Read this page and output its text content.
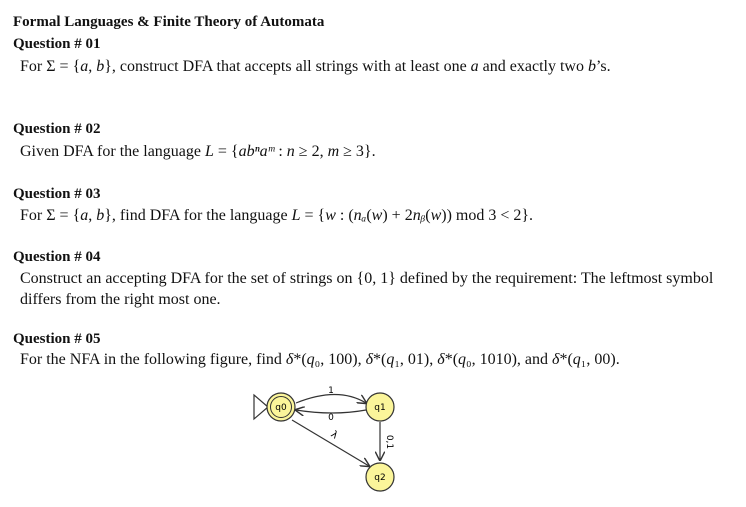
Formal Languages & Finite Theory of Automata
Question # 01
For Σ = {a, b}, construct DFA that accepts all strings with at least one a and exactly two b’s.
Question # 02
Given DFA for the language L = {abⁿaᵐ : n ≥ 2, m ≥ 3}.
Question # 03
For Σ = {a, b}, find DFA for the language L = {w : (nₐ(w) + 2nᵦ(w)) mod 3 < 2}.
Question # 04
Construct an accepting DFA for the set of strings on {0, 1} defined by the requirement: The leftmost symbol differs from the right most one.
Question # 05
For the NFA in the following figure, find δ*(q₀, 100), δ*(q₁, 01), δ*(q₀, 1010), and δ*(q₁, 00).
1
0
λ	0,1
q0	q1
q2
